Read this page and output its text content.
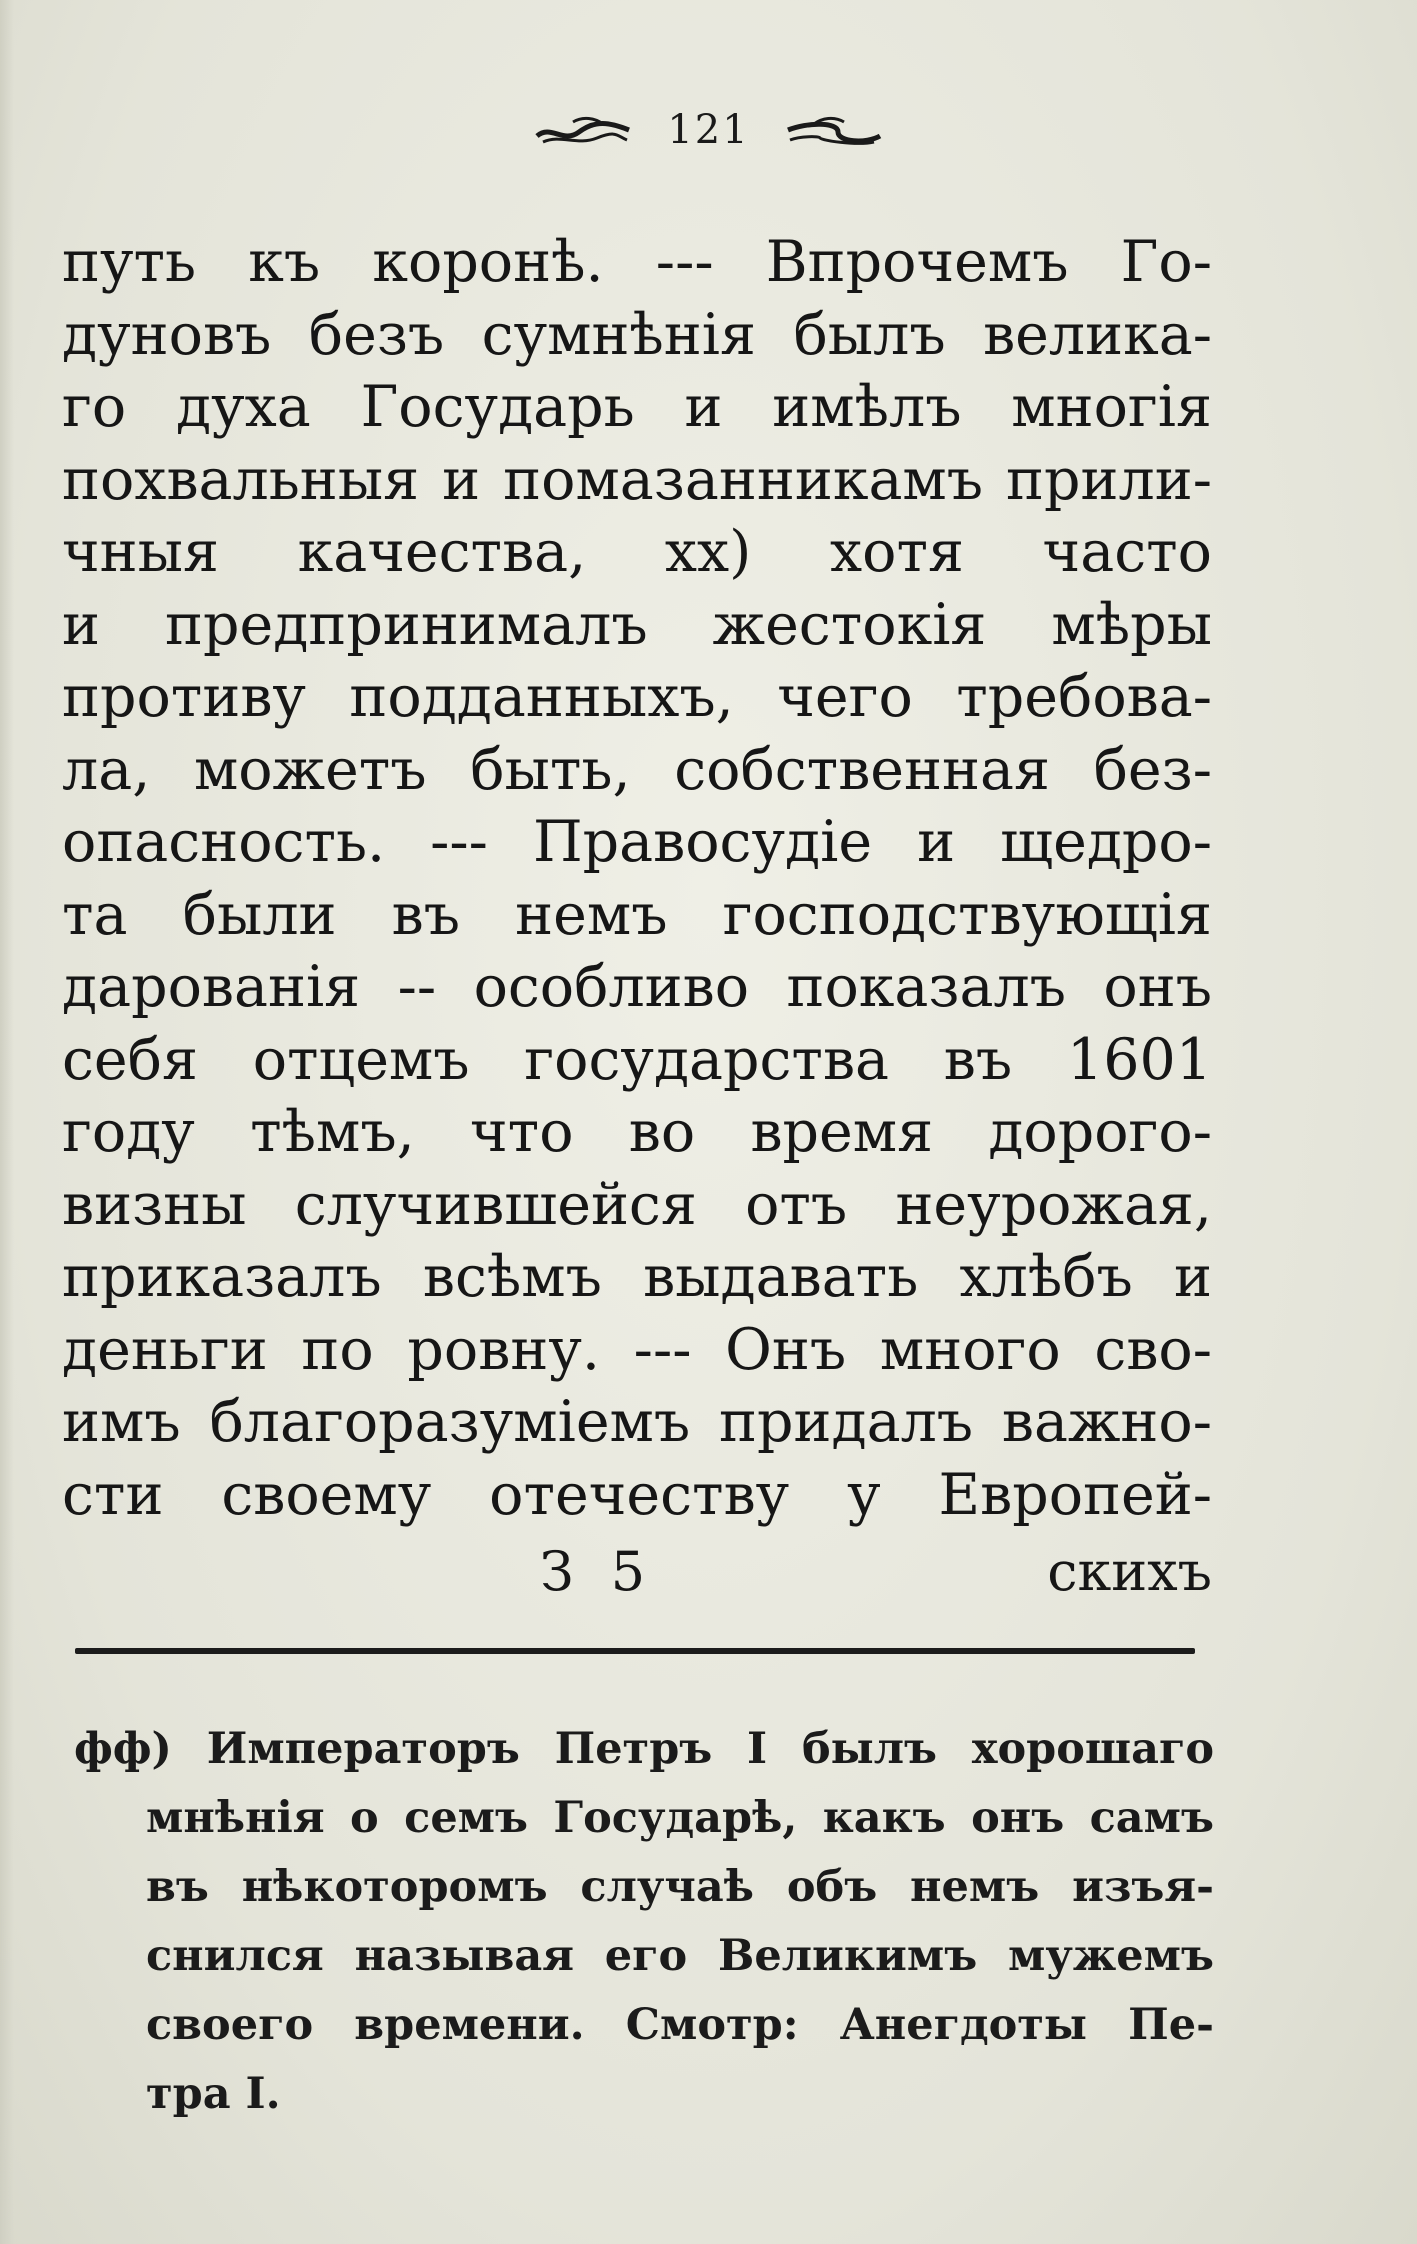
121
путь къ коронѣ. --- Впрочемъ Го-
дуновъ безъ сумнѣнія былъ велика-
го духа Государь и имѣлъ многія
похвальныя и помазанникамъ прили-
чныя качества, хх) хотя часто
и предпринималъ жестокія мѣры
противу подданныхъ, чего требова-
ла, можетъ быть, собственная без-
опасность. --- Правосудіе и щедро-
та были въ немъ господствующія
дарованія -- особливо показалъ онъ
себя отцемъ государства въ 1601
году тѣмъ, что во время дорого-
визны случившейся отъ неурожая,
приказалъ всѣмъ выдавать хлѣбъ и
деньги по ровну. --- Онъ много сво-
имъ благоразуміемъ придалъ важно-
сти своему отечеству у Европей-
З 5	скихъ
фф) Императоръ Петръ I былъ хорошаго
мнѣнія о семъ Государѣ, какъ онъ самъ
въ нѣкоторомъ случаѣ объ немъ изъя-
снился называя его Великимъ мужемъ
своего времени. Смотр: Анегдоты Пе-
тра I.
